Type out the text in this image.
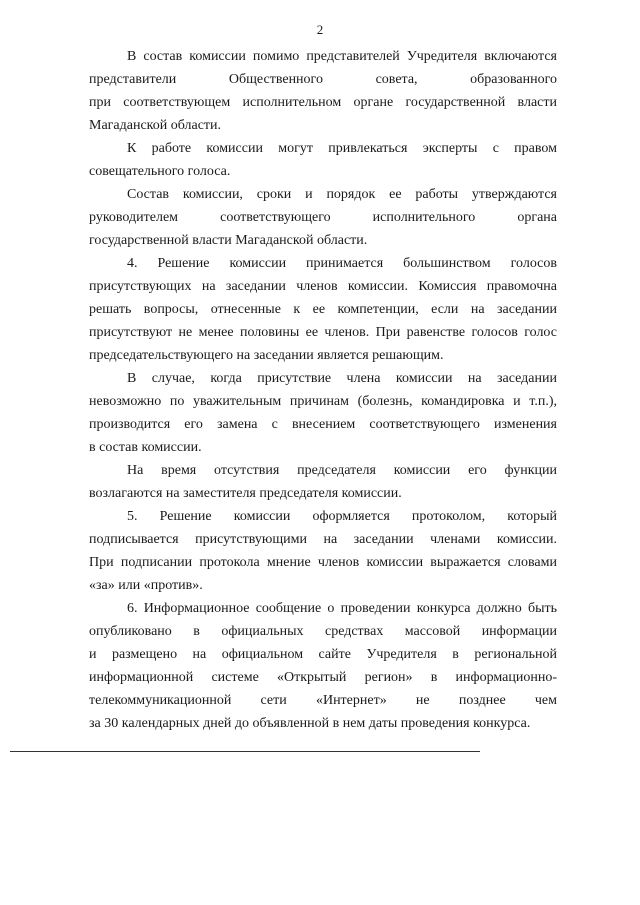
2
В состав комиссии помимо представителей Учредителя включаются
представители Общественного совета, образованного
при соответствующем исполнительном органе государственной власти
Магаданской области.
К работе комиссии могут привлекаться эксперты с правом
совещательного голоса.
Состав комиссии, сроки и порядок ее работы утверждаются
руководителем соответствующего исполнительного органа
государственной власти Магаданской области.
4. Решение комиссии принимается большинством голосов
присутствующих на заседании членов комиссии. Комиссия правомочна
решать вопросы, отнесенные к ее компетенции, если на заседании
присутствуют не менее половины ее членов. При равенстве голосов голос
председательствующего на заседании является решающим.
В случае, когда присутствие члена комиссии на заседании
невозможно по уважительным причинам (болезнь, командировка и т.п.),
производится его замена с внесением соответствующего изменения
в состав комиссии.
На время отсутствия председателя комиссии его функции
возлагаются на заместителя председателя комиссии.
5. Решение комиссии оформляется протоколом, который
подписывается присутствующими на заседании членами комиссии.
При подписании протокола мнение членов комиссии выражается словами
«за» или «против».
6. Информационное сообщение о проведении конкурса должно быть
опубликовано в официальных средствах массовой информации
и размещено на официальном сайте Учредителя в региональной
информационной системе «Открытый регион» в информационно-
телекоммуникационной сети «Интернет» не позднее чем
за 30 календарных дней до объявленной в нем даты проведения конкурса.
